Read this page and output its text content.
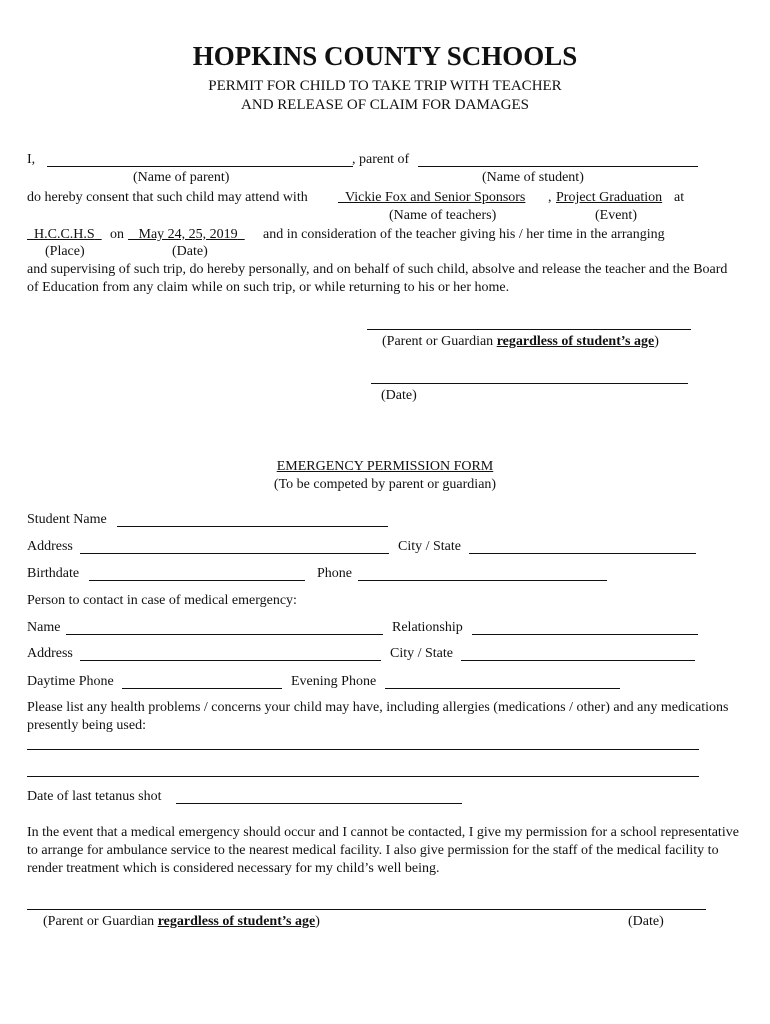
HOPKINS COUNTY SCHOOLS
PERMIT FOR CHILD TO TAKE TRIP WITH TEACHER
AND RELEASE OF CLAIM FOR DAMAGES
I,	, parent of
(Name of parent)	(Name of student)
do hereby consent that such child may attend with	Vickie Fox and Senior Sponsors , Project Graduation at
(Name of teachers)	(Event)
H.C.C.H.S	on	May 24, 25, 2019	and in consideration of the teacher giving his / her time in the arranging
(Place)	(Date)
and supervising of such trip, do hereby personally, and on behalf of such child, absolve and release the teacher and the Board of Education from any claim while on such trip, or while returning to his or her home.
(Parent or Guardian regardless of student’s age)
(Date)
EMERGENCY PERMISSION FORM
(To be competed by parent or guardian)
Student Name
Address	City / State
Birthdate	Phone
Person to contact in case of medical emergency:
Name	Relationship
Address	City / State
Daytime Phone	Evening Phone
Please list any health problems / concerns your child may have, including allergies (medications / other) and any medications presently being used:
Date of last tetanus shot
In the event that a medical emergency should occur and I cannot be contacted, I give my permission for a school representative to arrange for ambulance service to the nearest medical facility. I also give permission for the staff of the medical facility to render treatment which is considered necessary for my child’s well being.
(Parent or Guardian regardless of student’s age)	(Date)
